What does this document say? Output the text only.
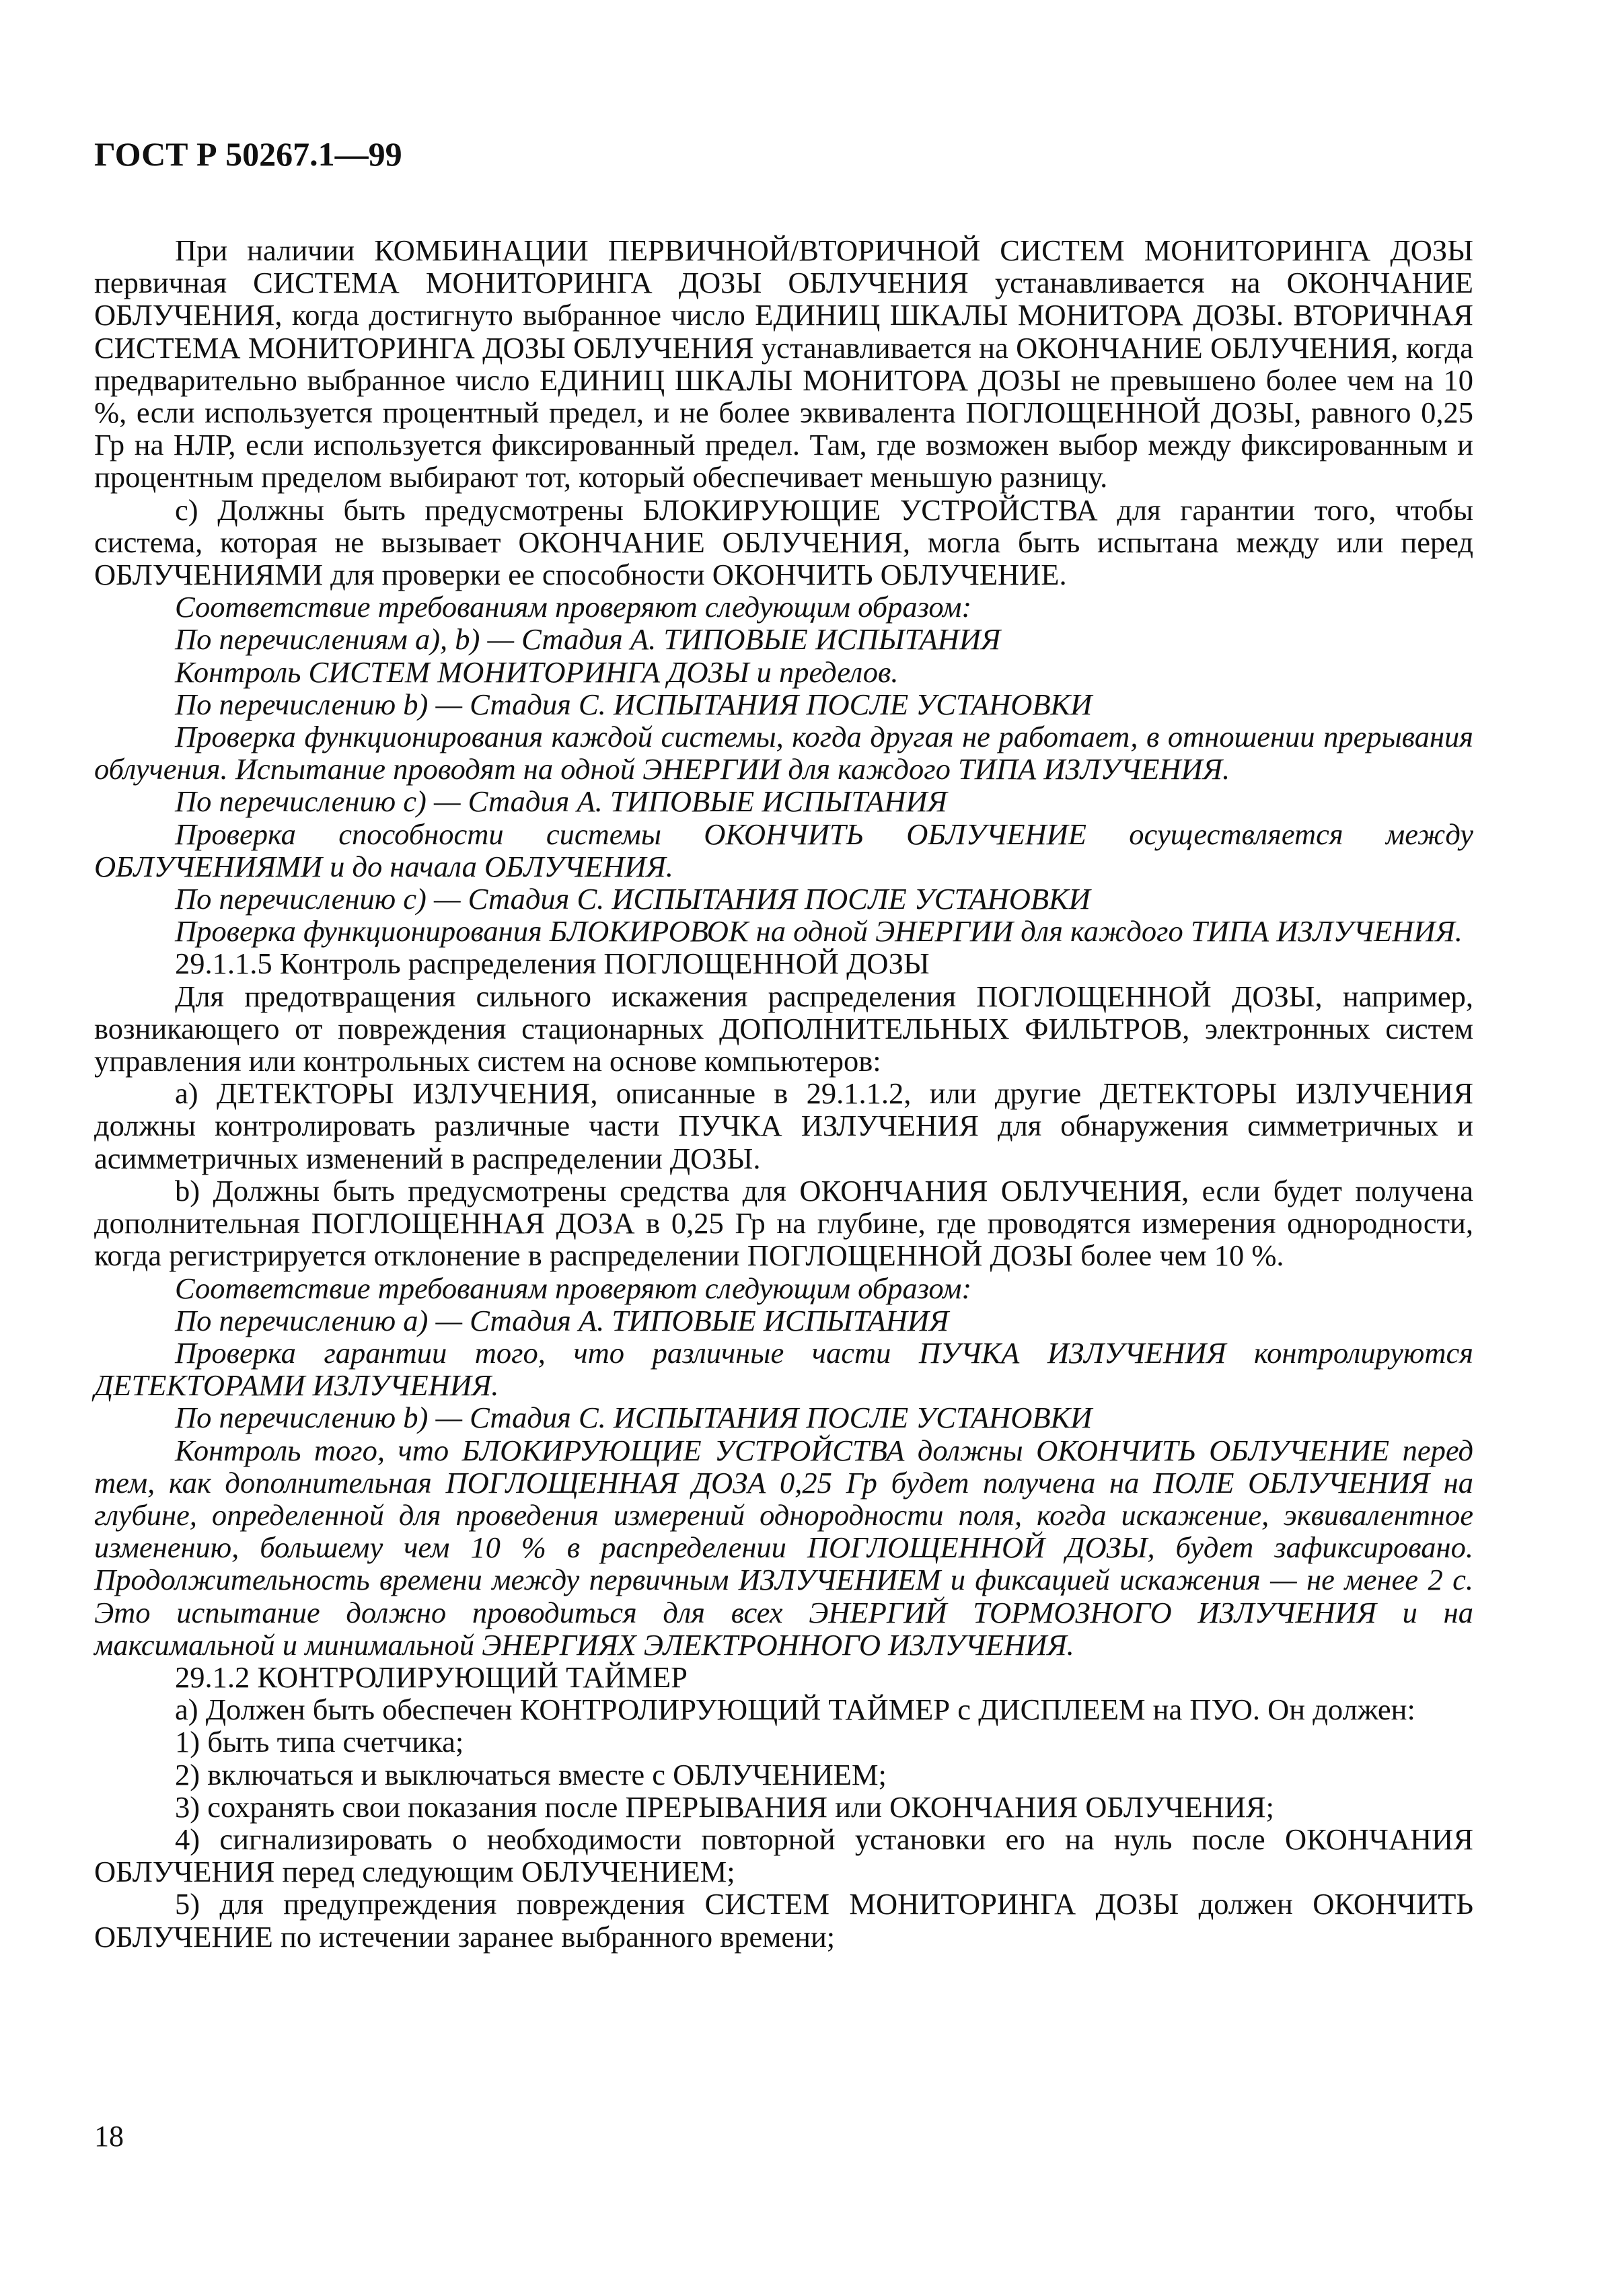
ГОСТ Р 50267.1—99

При наличии КОМБИНАЦИИ ПЕРВИЧНОЙ/ВТОРИЧНОЙ СИСТЕМ МОНИТОРИНГА ДОЗЫ первичная СИСТЕМА МОНИТОРИНГА ДОЗЫ ОБЛУЧЕНИЯ устанавливается на ОКОНЧАНИЕ ОБЛУЧЕНИЯ, когда достигнуто выбранное число ЕДИНИЦ ШКАЛЫ МОНИТОРА ДОЗЫ. ВТОРИЧНАЯ СИСТЕМА МОНИТОРИНГА ДОЗЫ ОБЛУЧЕНИЯ устанавливается на ОКОНЧАНИЕ ОБЛУЧЕНИЯ, когда предварительно выбранное число ЕДИНИЦ ШКАЛЫ МОНИТОРА ДОЗЫ не превышено более чем на 10 %, если используется процентный предел, и не более эквивалента ПОГЛОЩЕННОЙ ДОЗЫ, равного 0,25 Гр на НЛР, если используется фиксированный предел. Там, где возможен выбор между фиксированным и процентным пределом выбирают тот, который обеспечивает меньшую разницу.

c) Должны быть предусмотрены БЛОКИРУЮЩИЕ УСТРОЙСТВА для гарантии того, чтобы система, которая не вызывает ОКОНЧАНИЕ ОБЛУЧЕНИЯ, могла быть испытана между или перед ОБЛУЧЕНИЯМИ для проверки ее способности ОКОНЧИТЬ ОБЛУЧЕНИЕ.

Соответствие требованиям проверяют следующим образом:

По перечислениям а), b) — Стадия А. ТИПОВЫЕ ИСПЫТАНИЯ

Контроль СИСТЕМ МОНИТОРИНГА ДОЗЫ и пределов.

По перечислению b) — Стадия С. ИСПЫТАНИЯ ПОСЛЕ УСТАНОВКИ

Проверка функционирования каждой системы, когда другая не работает, в отношении прерывания облучения. Испытание проводят на одной ЭНЕРГИИ для каждого ТИПА ИЗЛУЧЕНИЯ.

По перечислению с) — Стадия А. ТИПОВЫЕ ИСПЫТАНИЯ

Проверка способности системы ОКОНЧИТЬ ОБЛУЧЕНИЕ осуществляется между ОБЛУЧЕНИЯМИ и до начала ОБЛУЧЕНИЯ.

По перечислению с) — Стадия С. ИСПЫТАНИЯ ПОСЛЕ УСТАНОВКИ

Проверка функционирования БЛОКИРОВОК на одной ЭНЕРГИИ для каждого ТИПА ИЗЛУЧЕНИЯ.

29.1.1.5 Контроль распределения ПОГЛОЩЕННОЙ ДОЗЫ

Для предотвращения сильного искажения распределения ПОГЛОЩЕННОЙ ДОЗЫ, например, возникающего от повреждения стационарных ДОПОЛНИТЕЛЬНЫХ ФИЛЬТРОВ, электронных систем управления или контрольных систем на основе компьютеров:

а) ДЕТЕКТОРЫ ИЗЛУЧЕНИЯ, описанные в 29.1.1.2, или другие ДЕТЕКТОРЫ ИЗЛУЧЕНИЯ должны контролировать различные части ПУЧКА ИЗЛУЧЕНИЯ для обнаружения симметричных и асимметричных изменений в распределении ДОЗЫ.

b) Должны быть предусмотрены средства для ОКОНЧАНИЯ ОБЛУЧЕНИЯ, если будет получена дополнительная ПОГЛОЩЕННАЯ ДОЗА в 0,25 Гр на глубине, где проводятся измерения однородности, когда регистрируется отклонение в распределении ПОГЛОЩЕННОЙ ДОЗЫ более чем 10 %.

Соответствие требованиям проверяют следующим образом:

По перечислению а) — Стадия А. ТИПОВЫЕ ИСПЫТАНИЯ

Проверка гарантии того, что различные части ПУЧКА ИЗЛУЧЕНИЯ контролируются ДЕТЕКТОРАМИ ИЗЛУЧЕНИЯ.

По перечислению b) — Стадия С. ИСПЫТАНИЯ ПОСЛЕ УСТАНОВКИ

Контроль того, что БЛОКИРУЮЩИЕ УСТРОЙСТВА должны ОКОНЧИТЬ ОБЛУЧЕНИЕ перед тем, как дополнительная ПОГЛОЩЕННАЯ ДОЗА 0,25 Гр будет получена на ПОЛЕ ОБЛУЧЕНИЯ на глубине, определенной для проведения измерений однородности поля, когда искажение, эквивалентное изменению, большему чем 10 % в распределении ПОГЛОЩЕННОЙ ДОЗЫ, будет зафиксировано. Продолжительность времени между первичным ИЗЛУЧЕНИЕМ и фиксацией искажения — не менее 2 с. Это испытание должно проводиться для всех ЭНЕРГИЙ ТОРМОЗНОГО ИЗЛУЧЕНИЯ и на максимальной и минимальной ЭНЕРГИЯХ ЭЛЕКТРОННОГО ИЗЛУЧЕНИЯ.

29.1.2 КОНТРОЛИРУЮЩИЙ ТАЙМЕР

а) Должен быть обеспечен КОНТРОЛИРУЮЩИЙ ТАЙМЕР с ДИСПЛЕЕМ на ПУО. Он должен:

1) быть типа счетчика;

2) включаться и выключаться вместе с ОБЛУЧЕНИЕМ;

3) сохранять свои показания после ПРЕРЫВАНИЯ или ОКОНЧАНИЯ ОБЛУЧЕНИЯ;

4) сигнализировать о необходимости повторной установки его на нуль после ОКОНЧАНИЯ ОБЛУЧЕНИЯ перед следующим ОБЛУЧЕНИЕМ;

5) для предупреждения повреждения СИСТЕМ МОНИТОРИНГА ДОЗЫ должен ОКОНЧИТЬ ОБЛУЧЕНИЕ по истечении заранее выбранного времени;

18
